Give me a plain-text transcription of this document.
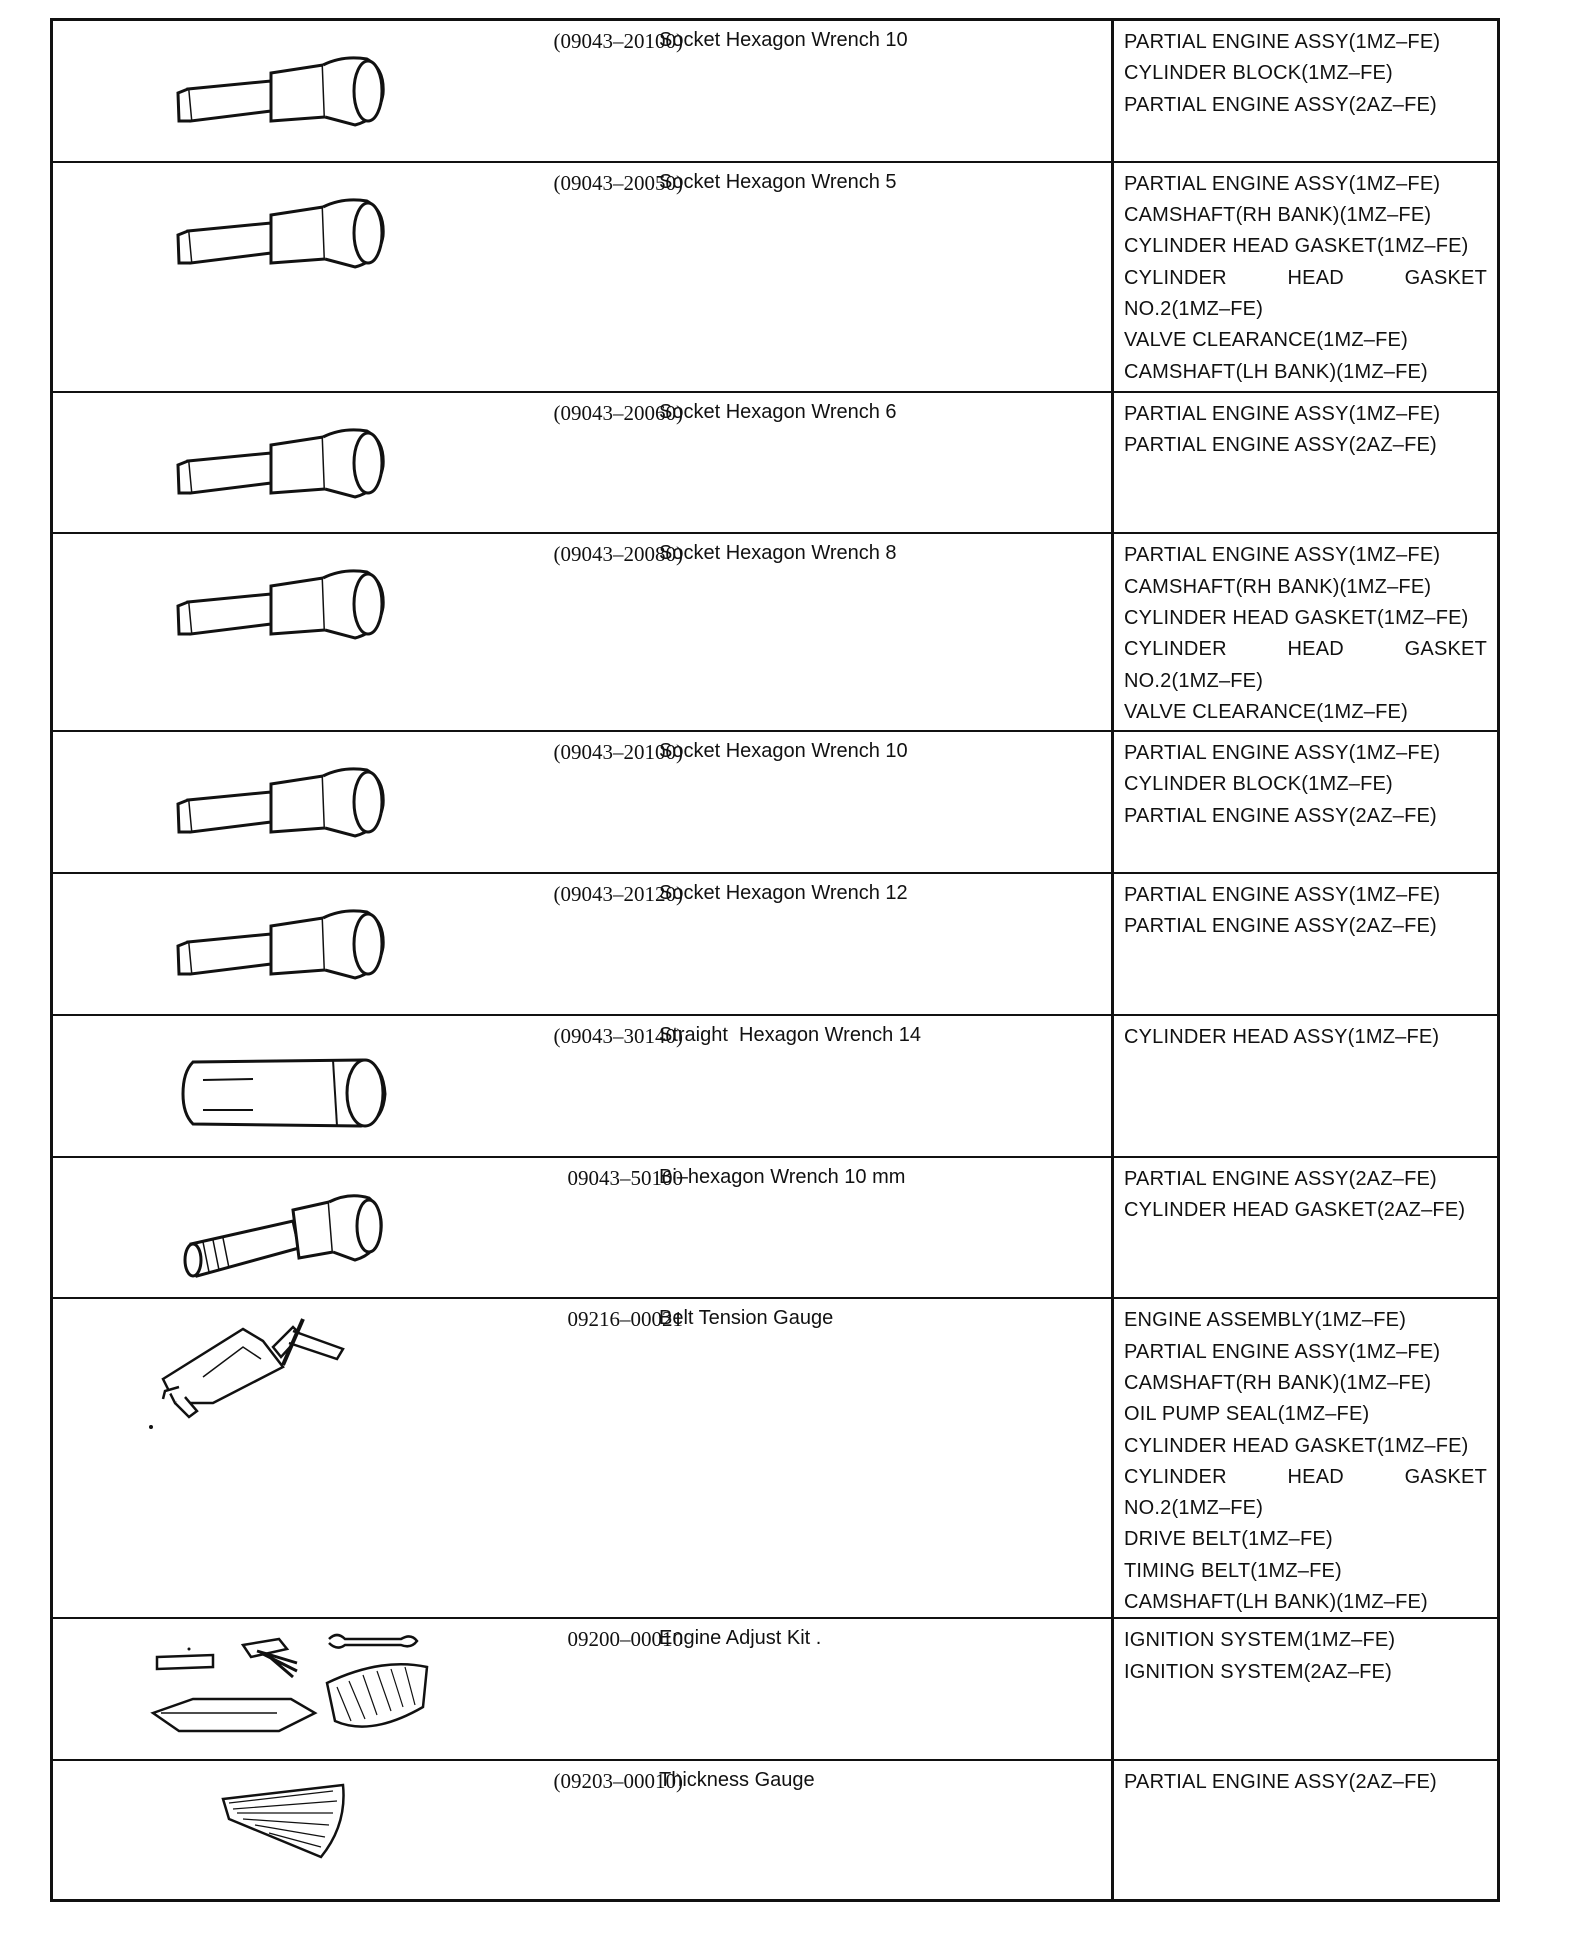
(09043–20100)
Socket Hexagon Wrench 10	PARTIAL ENGINE ASSY(1MZ–FE)
CYLINDER BLOCK(1MZ–FE)
PARTIAL ENGINE ASSY(2AZ–FE)
(09043–20050)
Socket Hexagon Wrench 5	PARTIAL ENGINE ASSY(1MZ–FE)
CAMSHAFT(RH BANK)(1MZ–FE)
CYLINDER HEAD GASKET(1MZ–FE)
CYLINDER HEAD GASKET
NO.2(1MZ–FE)
VALVE CLEARANCE(1MZ–FE)
CAMSHAFT(LH BANK)(1MZ–FE)
(09043–20060)
Socket Hexagon Wrench 6	PARTIAL ENGINE ASSY(1MZ–FE)
PARTIAL ENGINE ASSY(2AZ–FE)
(09043–20080)
Socket Hexagon Wrench 8	PARTIAL ENGINE ASSY(1MZ–FE)
CAMSHAFT(RH BANK)(1MZ–FE)
CYLINDER HEAD GASKET(1MZ–FE)
CYLINDER HEAD GASKET
NO.2(1MZ–FE)
VALVE CLEARANCE(1MZ–FE)
(09043–20100)
Socket Hexagon Wrench 10	PARTIAL ENGINE ASSY(1MZ–FE)
CYLINDER BLOCK(1MZ–FE)
PARTIAL ENGINE ASSY(2AZ–FE)
(09043–20120)
Socket Hexagon Wrench 12	PARTIAL ENGINE ASSY(1MZ–FE)
PARTIAL ENGINE ASSY(2AZ–FE)
(09043–30140)
Straight  Hexagon Wrench 14	CYLINDER HEAD ASSY(1MZ–FE)
09043–50100
Bi–hexagon Wrench 10 mm	PARTIAL ENGINE ASSY(2AZ–FE)
CYLINDER HEAD GASKET(2AZ–FE)
09216–00021
Belt Tension Gauge	ENGINE ASSEMBLY(1MZ–FE)
PARTIAL ENGINE ASSY(1MZ–FE)
CAMSHAFT(RH BANK)(1MZ–FE)
OIL PUMP SEAL(1MZ–FE)
CYLINDER HEAD GASKET(1MZ–FE)
CYLINDER HEAD GASKET
NO.2(1MZ–FE)
DRIVE BELT(1MZ–FE)
TIMING BELT(1MZ–FE)
CAMSHAFT(LH BANK)(1MZ–FE)
09200–00010
Engine Adjust Kit .	IGNITION SYSTEM(1MZ–FE)
IGNITION SYSTEM(2AZ–FE)
(09203–00010)
Thickness Gauge	PARTIAL ENGINE ASSY(2AZ–FE)
